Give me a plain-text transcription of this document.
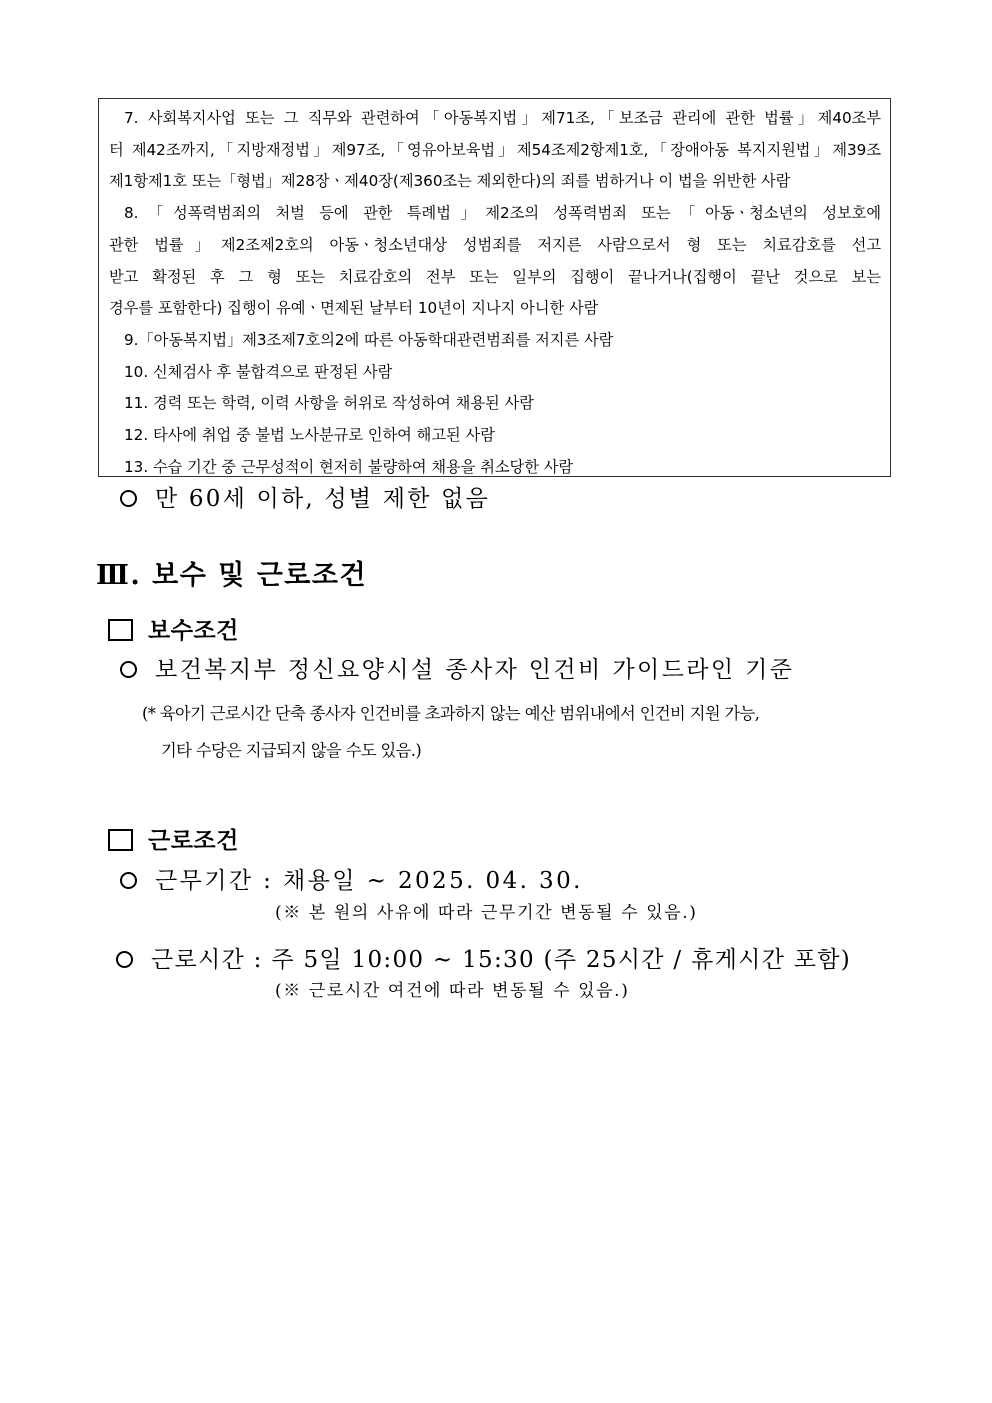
7. 사회복지사업 또는 그 직무와 관련하여「아동복지법」제71조,「보조금 관리에 관한 법률」제40조부

터 제42조까지,「지방재정법」제97조,「영유아보육법」제54조제2항제1호,「장애아동 복지지원법」제39조

제1항제1호 또는「형법」제28장ㆍ제40장(제360조는 제외한다)의 죄를 범하거나 이 법을 위반한 사람

8.「성폭력범죄의 처벌 등에 관한 특례법」제2조의 성폭력범죄 또는「아동ㆍ청소년의 성보호에

관한 법률」제2조제2호의 아동ㆍ청소년대상 성범죄를 저지른 사람으로서 형 또는 치료감호를 선고

받고 확정된 후 그 형 또는 치료감호의 전부 또는 일부의 집행이 끝나거나(집행이 끝난 것으로 보는

경우를 포함한다) 집행이 유예ㆍ면제된 날부터 10년이 지나지 아니한 사람

9.「아동복지법」제3조제7호의2에 따른 아동학대관련범죄를 저지른 사람

10. 신체검사 후 불합격으로 판정된 사람

11. 경력 또는 학력, 이력 사항을 허위로 작성하여 채용된 사람

12. 타사에 취업 중 불법 노사분규로 인하여 해고된 사람

13. 수습 기간 중 근무성적이 현저히 불량하여 채용을 취소당한 사람

만 60세 이하, 성별 제한 없음
Ⅲ. 보수 및 근로조건
보수조건
보건복지부 정신요양시설 종사자 인건비 가이드라인 기준
(* 육아기 근로시간 단축 종사자 인건비를 초과하지 않는 예산 범위내에서 인건비 지원 가능,
기타 수당은 지급되지 않을 수도 있음.)
근로조건
근무기간 : 채용일 ~ 2025. 04. 30.
(※ 본 원의 사유에 따라 근무기간 변동될 수 있음.)
근로시간 : 주 5일 10:00 ~ 15:30 (주 25시간 / 휴게시간 포함)
(※ 근로시간 여건에 따라 변동될 수 있음.)
